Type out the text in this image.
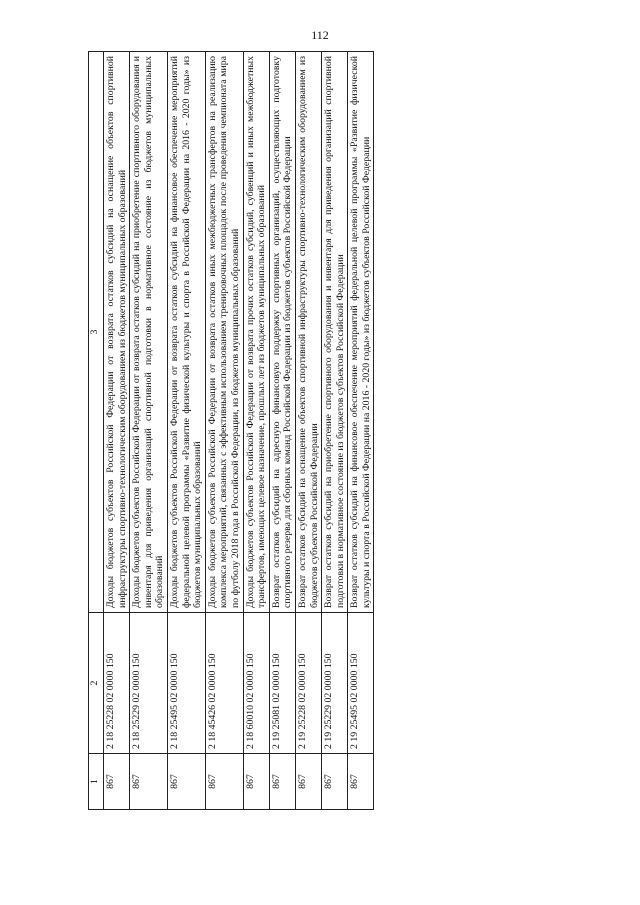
112
1	2	3
867	2 18 25228 02 0000 150	Доходы бюджетов субъектов Российской Федерации от возврата остатков субсидий на оснащение объектов спортивной инфраструктуры спортивно-технологическим оборудованием из бюджетов муниципальных образований
867	2 18 25229 02 0000 150	Доходы бюджетов субъектов Российской Федерации от возврата остатков субсидий на приобретение спортивного оборудования и инвентаря для приведения организаций спортивной подготовки в нормативное состояние из бюджетов муниципальных образований
867	2 18 25495 02 0000 150	Доходы бюджетов субъектов Российской Федерации от возврата остатков субсидий на финансовое обеспечение мероприятий федеральной целевой программы «Развитие физической культуры и спорта в Российской Федерации на 2016 - 2020 годы» из бюджетов муниципальных образований
867	2 18 45426 02 0000 150	Доходы бюджетов субъектов Российской Федерации от возврата остатков иных межбюджетных трансфертов на реализацию комплекса мероприятий, связанных с эффективным использованием тренировочных площадок после проведения чемпионата мира по футболу 2018 года в Российской Федерации, из бюджетов муниципальных образований
867	2 18 60010 02 0000 150	Доходы бюджетов субъектов Российской Федерации от возврата прочих остатков субсидий, субвенций и иных межбюджетных трансфертов, имеющих целевое назначение, прошлых лет из бюджетов муниципальных образований
867	2 19 25081 02 0000 150	Возврат остатков субсидий на адресную финансовую поддержку спортивных организаций, осуществляющих подготовку спортивного резерва для сборных команд Российской Федерации из бюджетов субъектов Российской Федерации
867	2 19 25228 02 0000 150	Возврат остатков субсидий на оснащение объектов спортивной инфраструктуры спортивно-технологическим оборудованием из бюджетов субъектов Российской Федерации
867	2 19 25229 02 0000 150	Возврат остатков субсидий на приобретение спортивного оборудования и инвентаря для приведения организаций спортивной подготовки в нормативное состояние из бюджетов субъектов Российской Федерации
867	2 19 25495 02 0000 150	Возврат остатков субсидий на финансовое обеспечение мероприятий федеральной целевой программы «Развитие физической культуры и спорта в Российской Федерации на 2016 - 2020 годы» из бюджетов субъектов Российской Федерации
